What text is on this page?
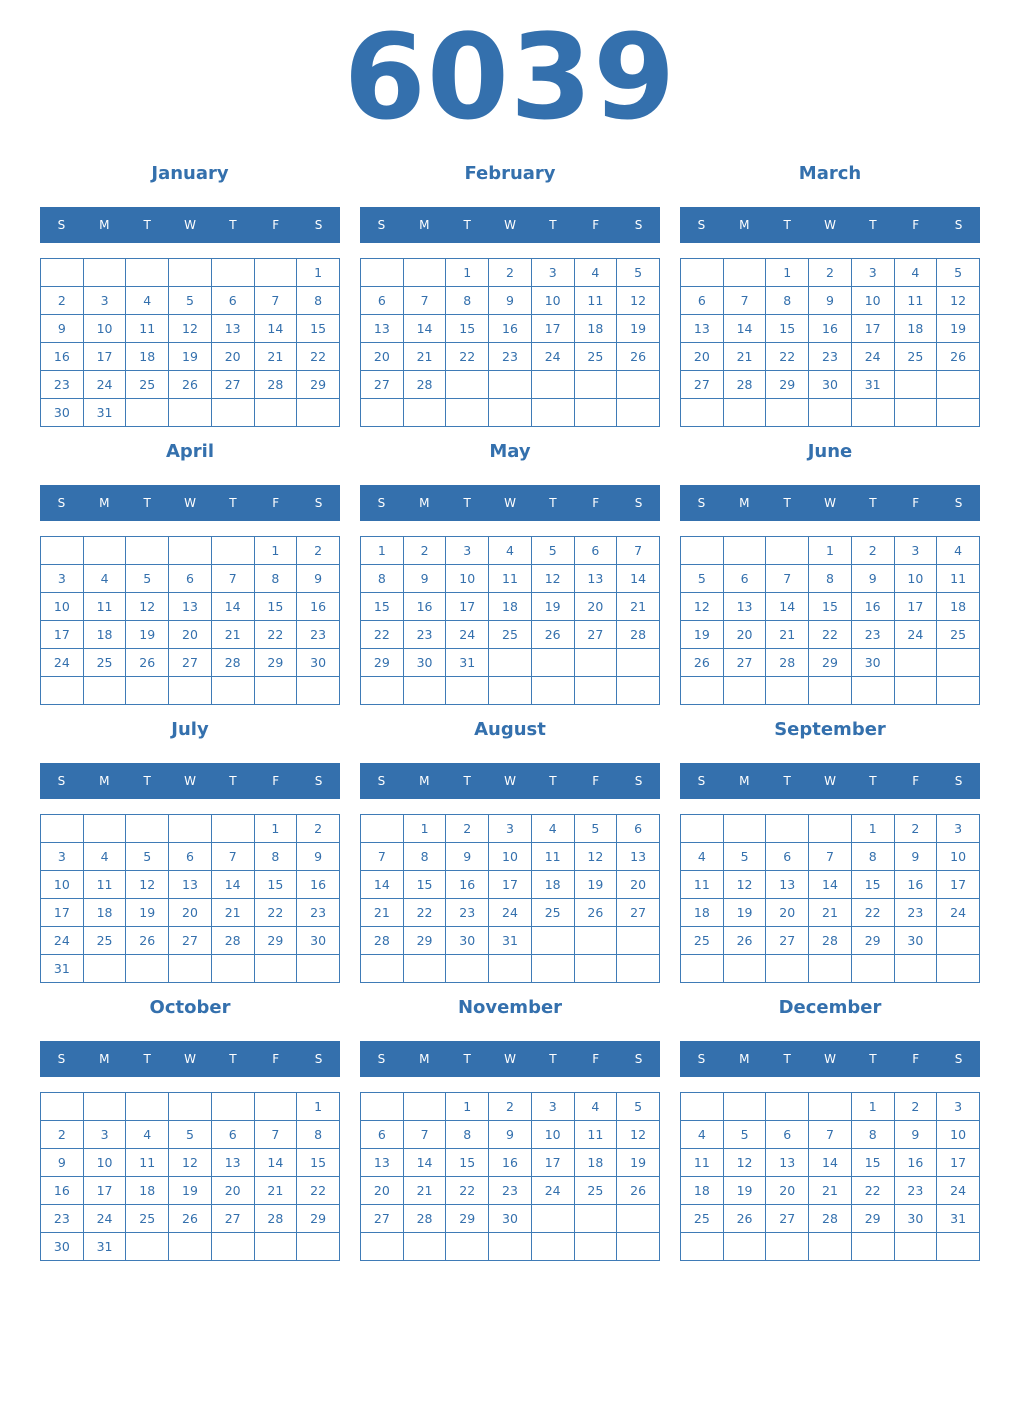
6039
January
S	M	T	W	T	F	S
						1
2	3	4	5	6	7	8
9	10	11	12	13	14	15
16	17	18	19	20	21	22
23	24	25	26	27	28	29
30	31					
February
S	M	T	W	T	F	S
		1	2	3	4	5
6	7	8	9	10	11	12
13	14	15	16	17	18	19
20	21	22	23	24	25	26
27	28					

March
S	M	T	W	T	F	S
		1	2	3	4	5
6	7	8	9	10	11	12
13	14	15	16	17	18	19
20	21	22	23	24	25	26
27	28	29	30	31		

April
S	M	T	W	T	F	S
					1	2
3	4	5	6	7	8	9
10	11	12	13	14	15	16
17	18	19	20	21	22	23
24	25	26	27	28	29	30

May
S	M	T	W	T	F	S
1	2	3	4	5	6	7
8	9	10	11	12	13	14
15	16	17	18	19	20	21
22	23	24	25	26	27	28
29	30	31				

June
S	M	T	W	T	F	S
			1	2	3	4
5	6	7	8	9	10	11
12	13	14	15	16	17	18
19	20	21	22	23	24	25
26	27	28	29	30		

July
S	M	T	W	T	F	S
					1	2
3	4	5	6	7	8	9
10	11	12	13	14	15	16
17	18	19	20	21	22	23
24	25	26	27	28	29	30
31						
August
S	M	T	W	T	F	S
	1	2	3	4	5	6
7	8	9	10	11	12	13
14	15	16	17	18	19	20
21	22	23	24	25	26	27
28	29	30	31			

September
S	M	T	W	T	F	S
				1	2	3
4	5	6	7	8	9	10
11	12	13	14	15	16	17
18	19	20	21	22	23	24
25	26	27	28	29	30	

October
S	M	T	W	T	F	S
						1
2	3	4	5	6	7	8
9	10	11	12	13	14	15
16	17	18	19	20	21	22
23	24	25	26	27	28	29
30	31					
November
S	M	T	W	T	F	S
		1	2	3	4	5
6	7	8	9	10	11	12
13	14	15	16	17	18	19
20	21	22	23	24	25	26
27	28	29	30			

December
S	M	T	W	T	F	S
				1	2	3
4	5	6	7	8	9	10
11	12	13	14	15	16	17
18	19	20	21	22	23	24
25	26	27	28	29	30	31
